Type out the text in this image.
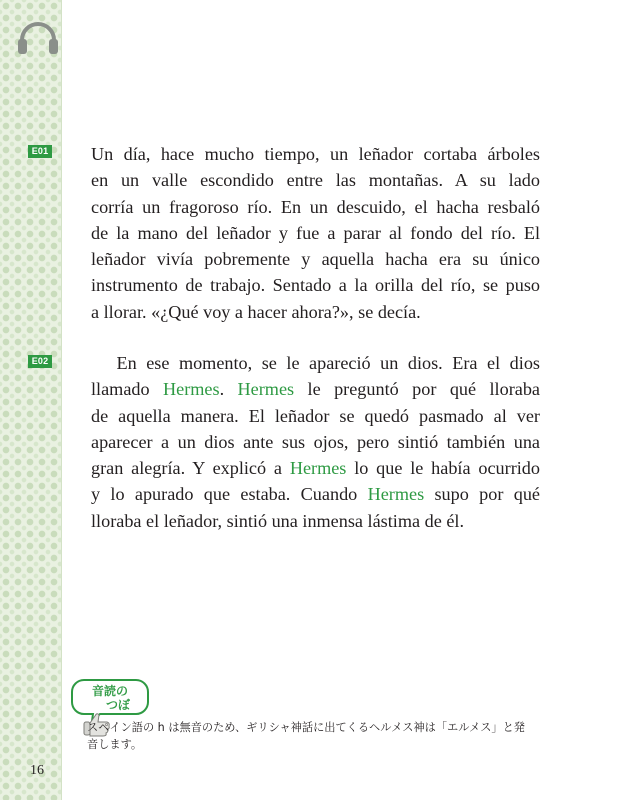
E01
E02
Un día, hace mucho tiempo, un leñador cortaba árboles
en un valle escondido entre las montañas. A su lado
corría un fragoroso río. En un descuido, el hacha resbaló
de la mano del leñador y fue a parar al fondo del río. El
leñador vivía pobremente y aquella hacha era su único
instrumento de trabajo. Sentado a la orilla del río, se puso
a llorar. «¿Qué voy a hacer ahora?», se decía.
En ese momento, se le apareció un dios. Era el dios
llamado Hermes. Hermes le preguntó por qué lloraba
de aquella manera. El leñador se quedó pasmado al ver
aparecer a un dios ante sus ojos, pero sintió también una
gran alegría. Y explicó a Hermes lo que le había ocurrido
y lo apurado que estaba. Cuando Hermes supo por qué
lloraba el leñador, sintió una inmensa lástima de él.
音読の
つぼ
スペイン語の h は無音のため、ギリシャ神話に出てくるヘルメス神は「エルメス」と発音します。
16
